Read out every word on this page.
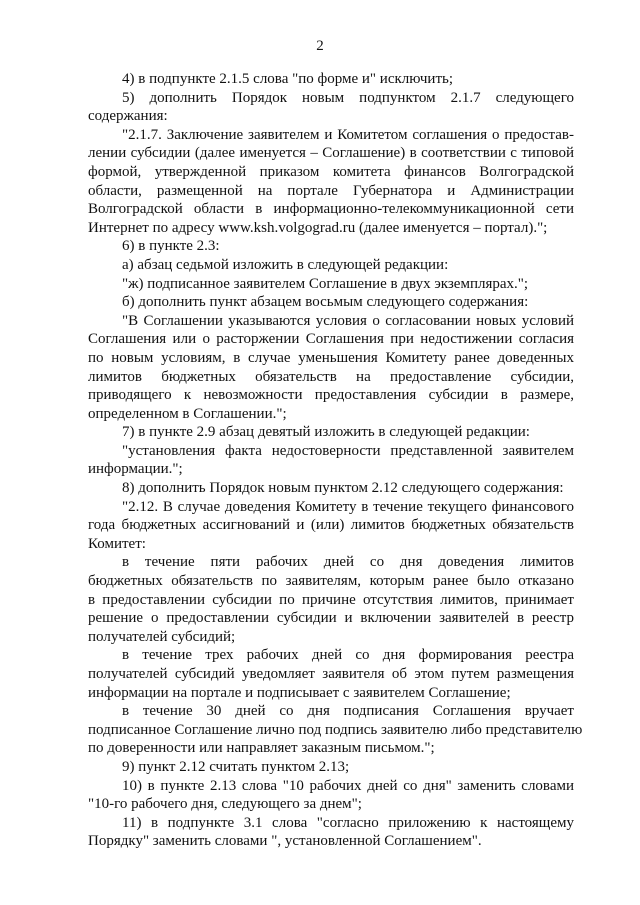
2
4) в подпункте 2.1.5 слова "по форме и" исключить;
5) дополнить Порядок новым подпунктом 2.1.7 следующего
содержания:
"2.1.7. Заключение заявителем и Комитетом соглашения о предостав-
лении субсидии (далее именуется – Соглашение) в соответствии с типовой
формой, утвержденной приказом комитета финансов Волгоградской
области, размещенной на портале Губернатора и Администрации
Волгоградской области в информационно-телекоммуникационной сети
Интернет по адресу www.ksh.volgograd.ru (далее именуется – портал).";
6) в пункте 2.3:
а) абзац седьмой изложить в следующей редакции:
"ж) подписанное заявителем Соглашение в двух экземплярах.";
б) дополнить пункт абзацем восьмым следующего содержания:
"В Соглашении указываются условия о согласовании новых условий
Соглашения или о расторжении Соглашения при недостижении согласия
по новым условиям, в случае уменьшения Комитету ранее доведенных
лимитов бюджетных обязательств на предоставление субсидии,
приводящего к невозможности предоставления субсидии в размере,
определенном в Соглашении.";
7) в пункте 2.9 абзац девятый изложить в следующей редакции:
"установления факта недостоверности представленной заявителем
информации.";
8) дополнить Порядок новым пунктом 2.12 следующего содержания:
"2.12. В случае доведения Комитету в течение текущего финансового
года бюджетных ассигнований и (или) лимитов бюджетных обязательств
Комитет:
в течение пяти рабочих дней со дня доведения лимитов
бюджетных обязательств по заявителям, которым ранее было отказано
в предоставлении субсидии по причине отсутствия лимитов, принимает
решение о предоставлении субсидии и включении заявителей в реестр
получателей субсидий;
в течение трех рабочих дней со дня формирования реестра
получателей субсидий уведомляет заявителя об этом путем размещения
информации на портале и подписывает с заявителем Соглашение;
в течение 30 дней со дня подписания Соглашения вручает
подписанное Соглашение лично под подпись заявителю либо представителю
по доверенности или направляет заказным письмом.";
9) пункт 2.12 считать пунктом 2.13;
10) в пункте 2.13 слова "10 рабочих дней со дня" заменить словами
"10-го рабочего дня, следующего за днем";
11) в подпункте 3.1 слова "согласно приложению к настоящему
Порядку" заменить словами ", установленной Соглашением".
